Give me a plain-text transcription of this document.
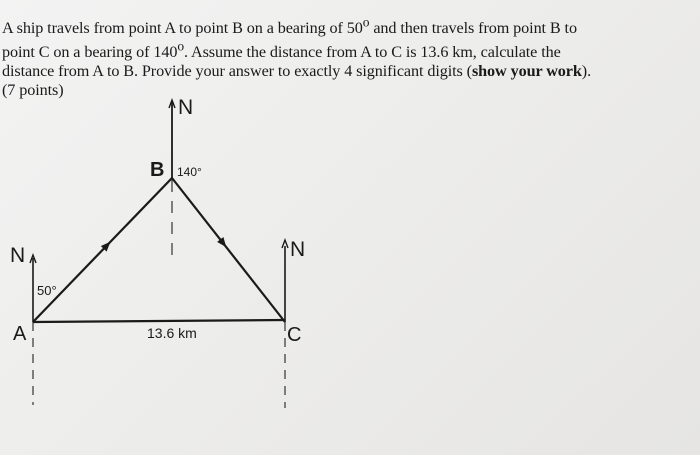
A ship travels from point A to point B on a bearing of 50$^o$ and then travels from point B to
point C on a bearing of 140$^o$. Assume the distance from A to C is 13.6 km, calculate the
distance from A to B. Provide your answer to exactly 4 significant digits (show your work).
(7 points)

N
N
N
A
B
C
50°
140°
13.6 km
